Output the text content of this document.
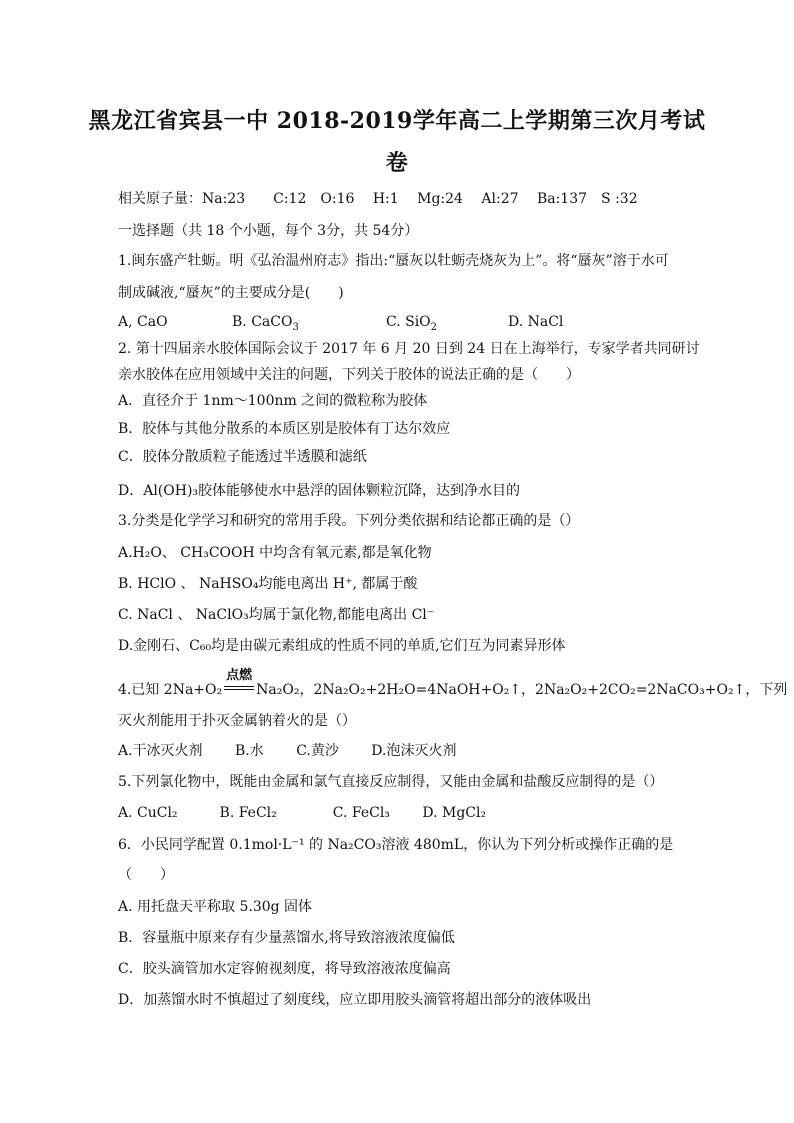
黑龙江省宾县一中 2018-2019学年高二上学期第三次月考试
卷
相关原子量：Na:23　　C:12　O:16　 H:1　 Mg:24　 Al:27　 Ba:137　S :32
一选择题（共 18 个小题，每个 3分，共 54分）
1.闽东盛产牡蛎。明《弘治温州府志》指出:“蜃灰以牡蛎壳烧灰为上”。将“蜃灰”溶于水可
制成碱液,“蜃灰”的主要成分是(　　)
A, CaO	B. CaCO$_3$	C. SiO$_2$	D. NaCl
2. 第十四届亲水胶体国际会议于 2017 年 6 月 20 日到 24 日在上海举行，专家学者共同研讨
亲水胶体在应用领域中关注的问题，下列关于胶体的说法正确的是（　　）
A．直径介于 1nm～100nm 之间的微粒称为胶体
B．胶体与其他分散系的本质区别是胶体有丁达尔效应
C．胶体分散质粒子能透过半透膜和滤纸
D．Al(OH)₃胶体能够使水中悬浮的固体颗粒沉降，达到净水目的
3.分类是化学学习和研究的常用手段。下列分类依据和结论都正确的是（）
A.H₂O、 CH₃COOH 中均含有氧元素,都是氧化物
B. HClO 、 NaHSO₄均能电离出 H⁺, 都属于酸
C. NaCl 、 NaClO₃均属于氯化物,都能电离出 Cl⁻
D.金刚石、C₆₀均是由碳元素组成的性质不同的单质,它们互为同素异形体
4.已知 2Na+O₂
点燃
Na₂O₂，2Na₂O₂+2H₂O=4NaOH+O₂↑，2Na₂O₂+2CO₂=2NaCO₃+O₂↑，下列
灭火剂能用于扑灭金属钠着火的是（）
A.干冰灭火剂　　 B.水　　 C.黄沙　　 D.泡沫灭火剂
5.下列氯化物中，既能由金属和氯气直接反应制得，又能由金属和盐酸反应制得的是（）
A. CuCl₂　　　B. FeCl₂　　　　C. FeCl₃　　 D. MgCl₂
6．小民同学配置 0.1mol·L⁻¹ 的 Na₂CO₃溶液 480mL，你认为下列分析或操作正确的是
（　　）
A. 用托盘天平称取 5.30g 固体
B．容量瓶中原来存有少量蒸馏水,将导致溶液浓度偏低
C．胶头滴管加水定容俯视刻度，将导致溶液浓度偏高
D．加蒸馏水时不慎超过了刻度线，应立即用胶头滴管将超出部分的液体吸出
